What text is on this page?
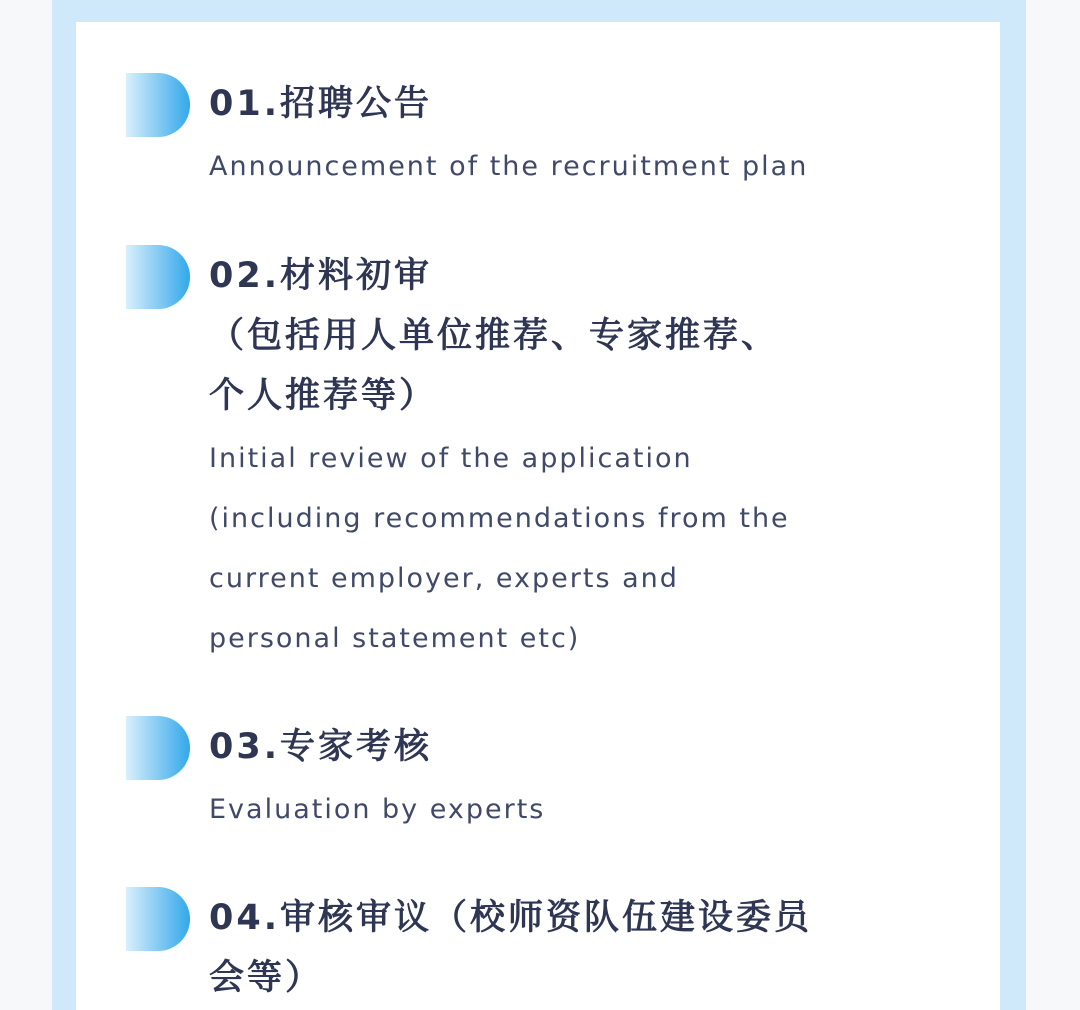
01.招聘公告
Announcement of the recruitment plan
02.材料初审
（包括用人单位推荐、专家推荐、
个人推荐等）
Initial review of the application
(including recommendations from the
current employer, experts and
personal statement etc)
03.专家考核
Evaluation by experts
04.审核审议（校师资队伍建设委员
会等）
